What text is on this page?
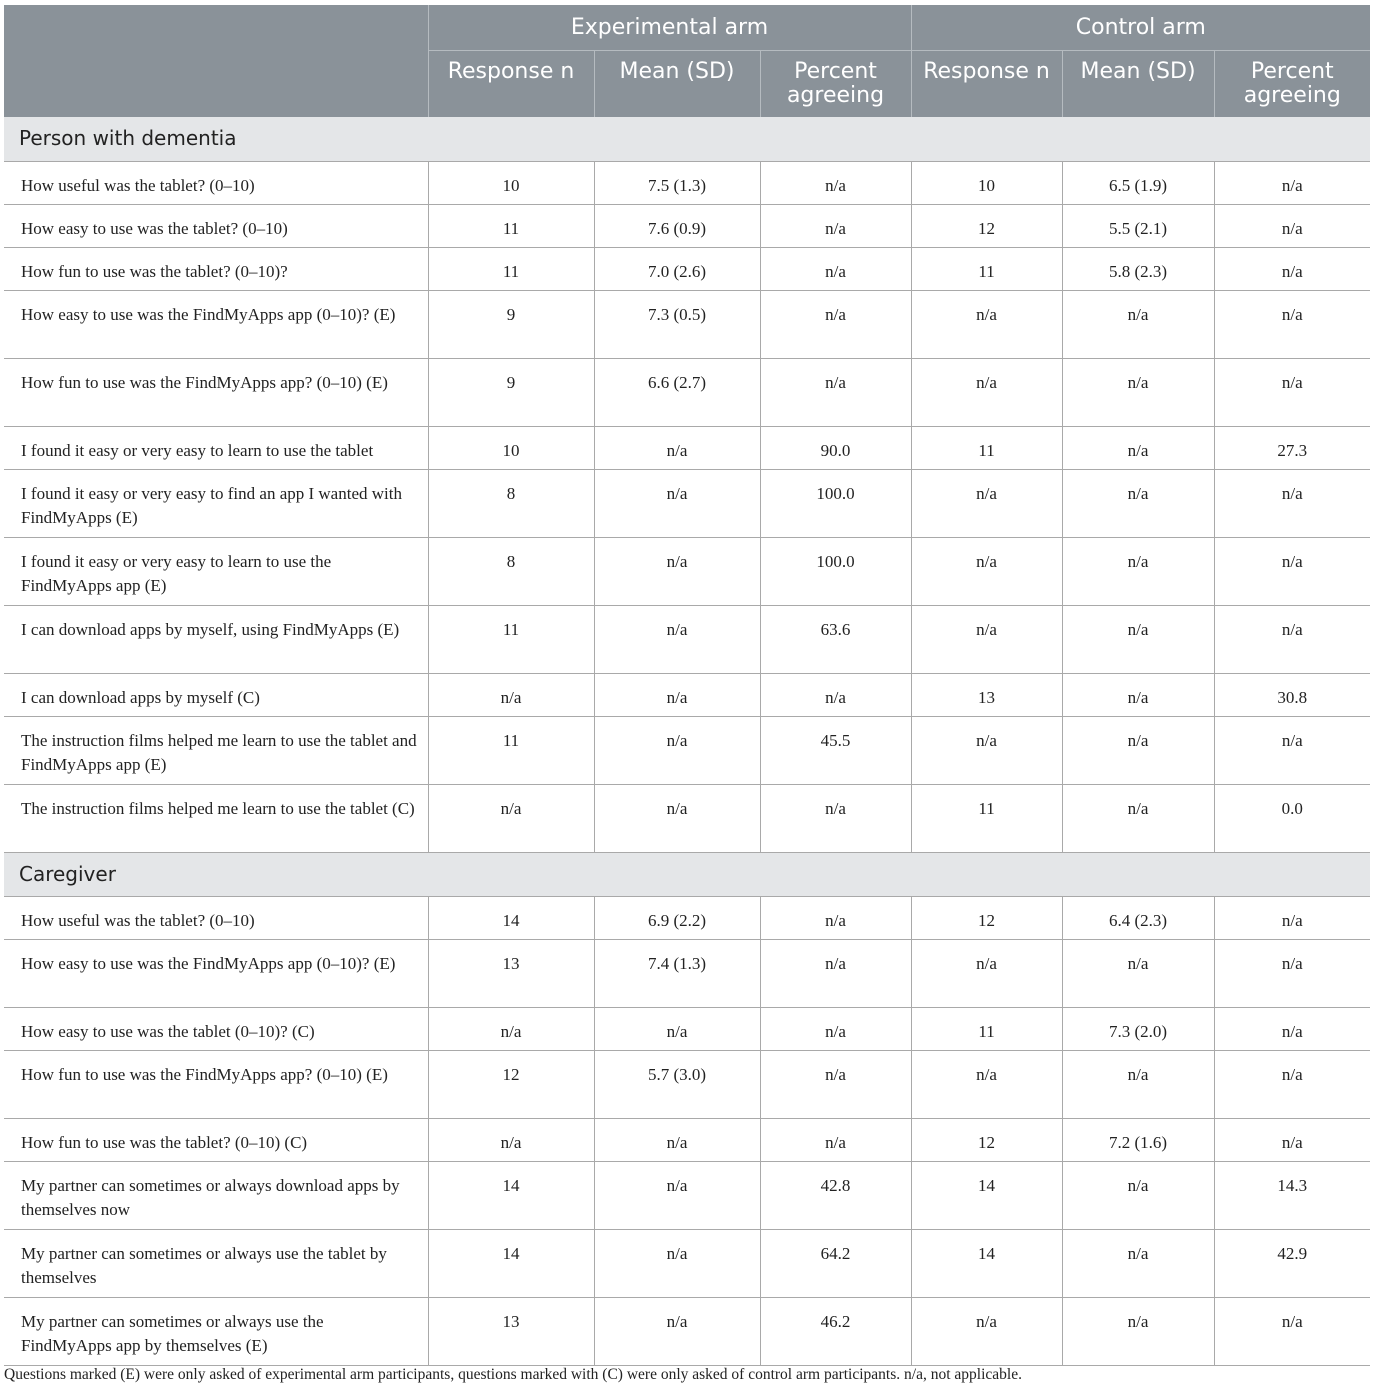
	Experimental arm			Control arm		
	Response n	Mean (SD)	Percent agreeing	Response n	Mean (SD)	Percent agreeing
Person with dementia						
How useful was the tablet? (0–10)	10	7.5 (1.3)	n/a	10	6.5 (1.9)	n/a
How easy to use was the tablet? (0–10)	11	7.6 (0.9)	n/a	12	5.5 (2.1)	n/a
How fun to use was the tablet? (0–10)?	11	7.0 (2.6)	n/a	11	5.8 (2.3)	n/a
How easy to use was the FindMyApps app (0–10)? (E)	9	7.3 (0.5)	n/a	n/a	n/a	n/a
How fun to use was the FindMyApps app? (0–10) (E)	9	6.6 (2.7)	n/a	n/a	n/a	n/a
I found it easy or very easy to learn to use the tablet	10	n/a	90.0	11	n/a	27.3
I found it easy or very easy to find an app I wanted with FindMyApps (E)	8	n/a	100.0	n/a	n/a	n/a
I found it easy or very easy to learn to use the FindMyApps app (E)	8	n/a	100.0	n/a	n/a	n/a
I can download apps by myself, using FindMyApps (E)	11	n/a	63.6	n/a	n/a	n/a
I can download apps by myself (C)	n/a	n/a	n/a	13	n/a	30.8
The instruction films helped me learn to use the tablet and FindMyApps app (E)	11	n/a	45.5	n/a	n/a	n/a
The instruction films helped me learn to use the tablet (C)	n/a	n/a	n/a	11	n/a	0.0
Caregiver						
How useful was the tablet? (0–10)	14	6.9 (2.2)	n/a	12	6.4 (2.3)	n/a
How easy to use was the FindMyApps app (0–10)? (E)	13	7.4 (1.3)	n/a	n/a	n/a	n/a
How easy to use was the tablet (0–10)? (C)	n/a	n/a	n/a	11	7.3 (2.0)	n/a
How fun to use was the FindMyApps app? (0–10) (E)	12	5.7 (3.0)	n/a	n/a	n/a	n/a
How fun to use was the tablet? (0–10) (C)	n/a	n/a	n/a	12	7.2 (1.6)	n/a
My partner can sometimes or always download apps by themselves now	14	n/a	42.8	14	n/a	14.3
My partner can sometimes or always use the tablet by themselves	14	n/a	64.2	14	n/a	42.9
My partner can sometimes or always use the FindMyApps app by themselves (E)	13	n/a	46.2	n/a	n/a	n/a
Questions marked (E) were only asked of experimental arm participants, questions marked with (C) were only asked of control arm participants. n/a, not applicable.
